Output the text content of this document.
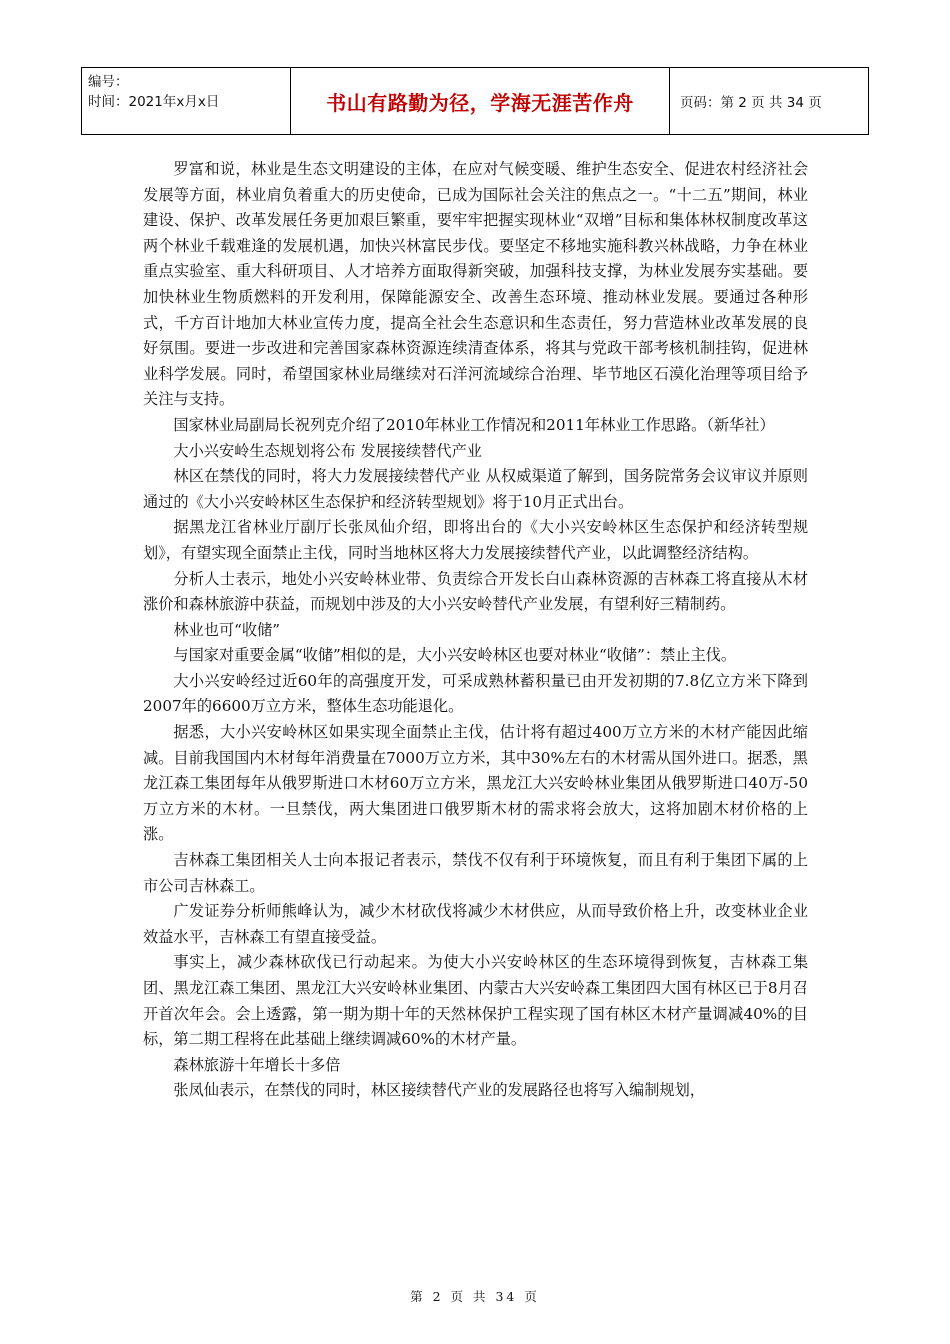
编号：
时间：2021年x月x日	书山有路勤为径，学海无涯苦作舟	页码：第 2 页 共 34 页

罗富和说，林业是生态文明建设的主体，在应对气候变暖、维护生态安全、促进农村经济社会发展等方面，林业肩负着重大的历史使命，已成为国际社会关注的焦点之一。“十二五”期间，林业建设、保护、改革发展任务更加艰巨繁重，要牢牢把握实现林业“双增”目标和集体林权制度改革这两个林业千载难逢的发展机遇，加快兴林富民步伐。要坚定不移地实施科教兴林战略，力争在林业重点实验室、重大科研项目、人才培养方面取得新突破，加强科技支撑，为林业发展夯实基础。要加快林业生物质燃料的开发利用，保障能源安全、改善生态环境、推动林业发展。要通过各种形式，千方百计地加大林业宣传力度，提高全社会生态意识和生态责任，努力营造林业改革发展的良好氛围。要进一步改进和完善国家森林资源连续清查体系，将其与党政干部考核机制挂钩，促进林业科学发展。同时，希望国家林业局继续对石洋河流域综合治理、毕节地区石漠化治理等项目给予关注与支持。

国家林业局副局长祝列克介绍了2010年林业工作情况和2011年林业工作思路。（新华社）

大小兴安岭生态规划将公布 发展接续替代产业

林区在禁伐的同时，将大力发展接续替代产业 从权威渠道了解到，国务院常务会议审议并原则通过的《大小兴安岭林区生态保护和经济转型规划》将于10月正式出台。

据黑龙江省林业厅副厅长张凤仙介绍，即将出台的《大小兴安岭林区生态保护和经济转型规划》，有望实现全面禁止主伐，同时当地林区将大力发展接续替代产业，以此调整经济结构。

分析人士表示，地处小兴安岭林业带、负责综合开发长白山森林资源的吉林森工将直接从木材涨价和森林旅游中获益，而规划中涉及的大小兴安岭替代产业发展，有望利好三精制药。

林业也可“收储”

与国家对重要金属“收储”相似的是，大小兴安岭林区也要对林业“收储”：禁止主伐。

大小兴安岭经过近60年的高强度开发，可采成熟林蓄积量已由开发初期的7.8亿立方米下降到2007年的6600万立方米，整体生态功能退化。

据悉，大小兴安岭林区如果实现全面禁止主伐，估计将有超过400万立方米的木材产能因此缩减。目前我国国内木材每年消费量在7000万立方米，其中30%左右的木材需从国外进口。据悉，黑龙江森工集团每年从俄罗斯进口木材60万立方米，黑龙江大兴安岭林业集团从俄罗斯进口40万-50万立方米的木材。一旦禁伐，两大集团进口俄罗斯木材的需求将会放大，这将加剧木材价格的上涨。

吉林森工集团相关人士向本报记者表示，禁伐不仅有利于环境恢复，而且有利于集团下属的上市公司吉林森工。

广发证券分析师熊峰认为，减少木材砍伐将减少木材供应，从而导致价格上升，改变林业企业效益水平，吉林森工有望直接受益。

事实上，减少森林砍伐已行动起来。为使大小兴安岭林区的生态环境得到恢复，吉林森工集团、黑龙江森工集团、黑龙江大兴安岭林业集团、内蒙古大兴安岭森工集团四大国有林区已于8月召开首次年会。会上透露，第一期为期十年的天然林保护工程实现了国有林区木材产量调减40%的目标，第二期工程将在此基础上继续调减60%的木材产量。

森林旅游十年增长十多倍

张凤仙表示，在禁伐的同时，林区接续替代产业的发展路径也将写入编制规划，

第 2 页 共 34 页
